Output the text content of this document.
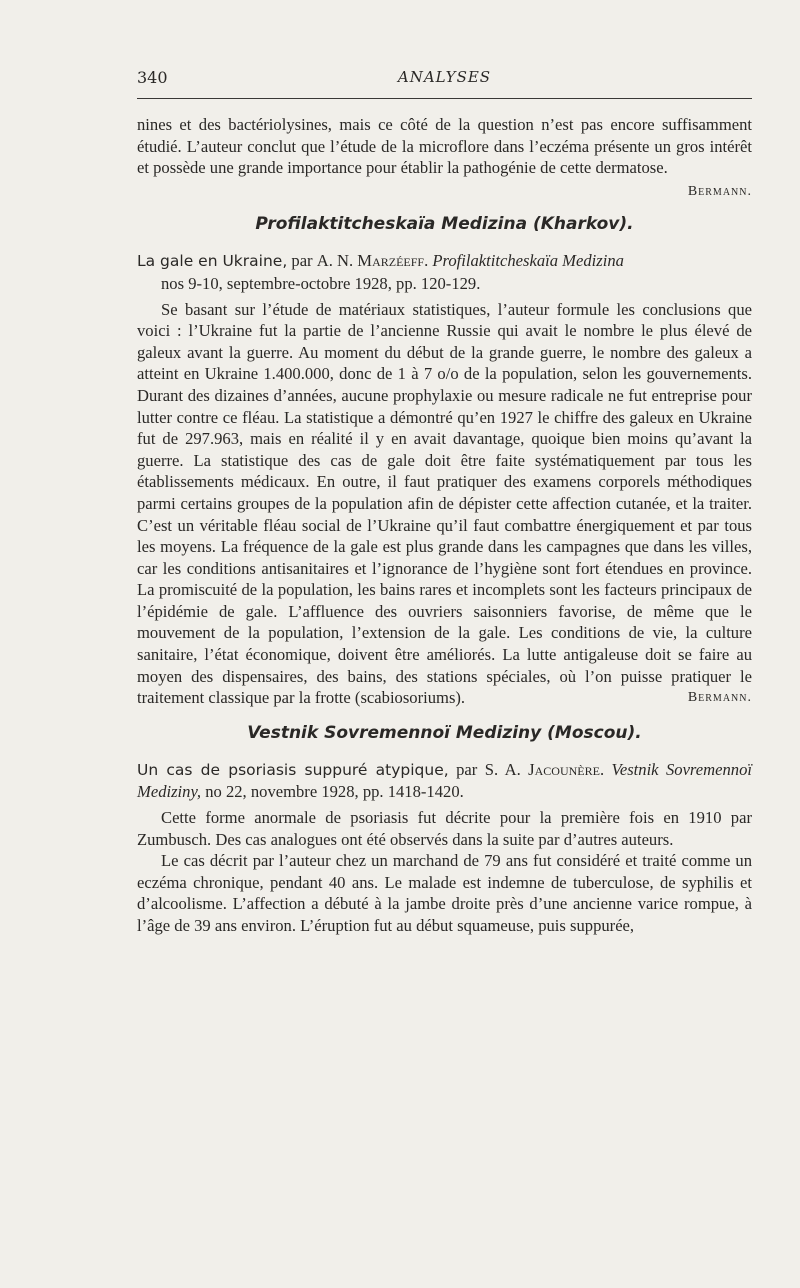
340	ANALYSES

nines et des bactériolysines, mais ce côté de la question n’est pas encore suffisamment étudié. L’auteur conclut que l’étude de la microflore dans l’eczéma présente un gros intérêt et possède une grande importance pour établir la pathogénie de cette dermatose.

Bermann.

Profilaktitcheskaïa Medizina (Kharkov).

La gale en Ukraine, par A. N. Marzéeff. Profilaktitcheskaïa Medizina

nos 9-10, septembre-octobre 1928, pp. 120-129.

Se basant sur l’étude de matériaux statistiques, l’auteur formule les conclusions que voici : l’Ukraine fut la partie de l’ancienne Russie qui avait le nombre le plus élevé de galeux avant la guerre. Au moment du début de la grande guerre, le nombre des galeux a atteint en Ukraine 1.400.000, donc de 1 à 7 o/o de la population, selon les gouvernements. Durant des dizaines d’années, aucune prophylaxie ou mesure radicale ne fut entreprise pour lutter contre ce fléau. La statistique a démontré qu’en 1927 le chiffre des galeux en Ukraine fut de 297.963, mais en réalité il y en avait davantage, quoique bien moins qu’avant la guerre. La statistique des cas de gale doit être faite systématiquement par tous les établissements médicaux. En outre, il faut pratiquer des examens corporels méthodiques parmi certains groupes de la population afin de dépister cette affection cutanée, et la traiter. C’est un véritable fléau social de l’Ukraine qu’il faut combattre énergiquement et par tous les moyens. La fréquence de la gale est plus grande dans les campagnes que dans les villes, car les conditions antisanitaires et l’ignorance de l’hygiène sont fort étendues en province. La promiscuité de la population, les bains rares et incomplets sont les facteurs principaux de l’épidémie de gale. L’affluence des ouvriers saisonniers favorise, de même que le mouvement de la population, l’extension de la gale. Les conditions de vie, la culture sanitaire, l’état économique, doivent être améliorés. La lutte antigaleuse doit se faire au moyen des dispensaires, des bains, des stations spéciales, où l’on puisse pratiquer le traitement classique par la frotte (scabiosoriums).	Bermann.

Vestnik Sovremennoï Mediziny (Moscou).

Un cas de psoriasis suppuré atypique, par S. A. Jacounère. Vestnik Sovremennoï Mediziny, no 22, novembre 1928, pp. 1418-1420.

Cette forme anormale de psoriasis fut décrite pour la première fois en 1910 par Zumbusch. Des cas analogues ont été observés dans la suite par d’autres auteurs.

Le cas décrit par l’auteur chez un marchand de 79 ans fut considéré et traité comme un eczéma chronique, pendant 40 ans. Le malade est indemne de tuberculose, de syphilis et d’alcoolisme. L’affection a débuté à la jambe droite près d’une ancienne varice rompue, à l’âge de 39 ans environ. L’éruption fut au début squameuse, puis suppurée,
